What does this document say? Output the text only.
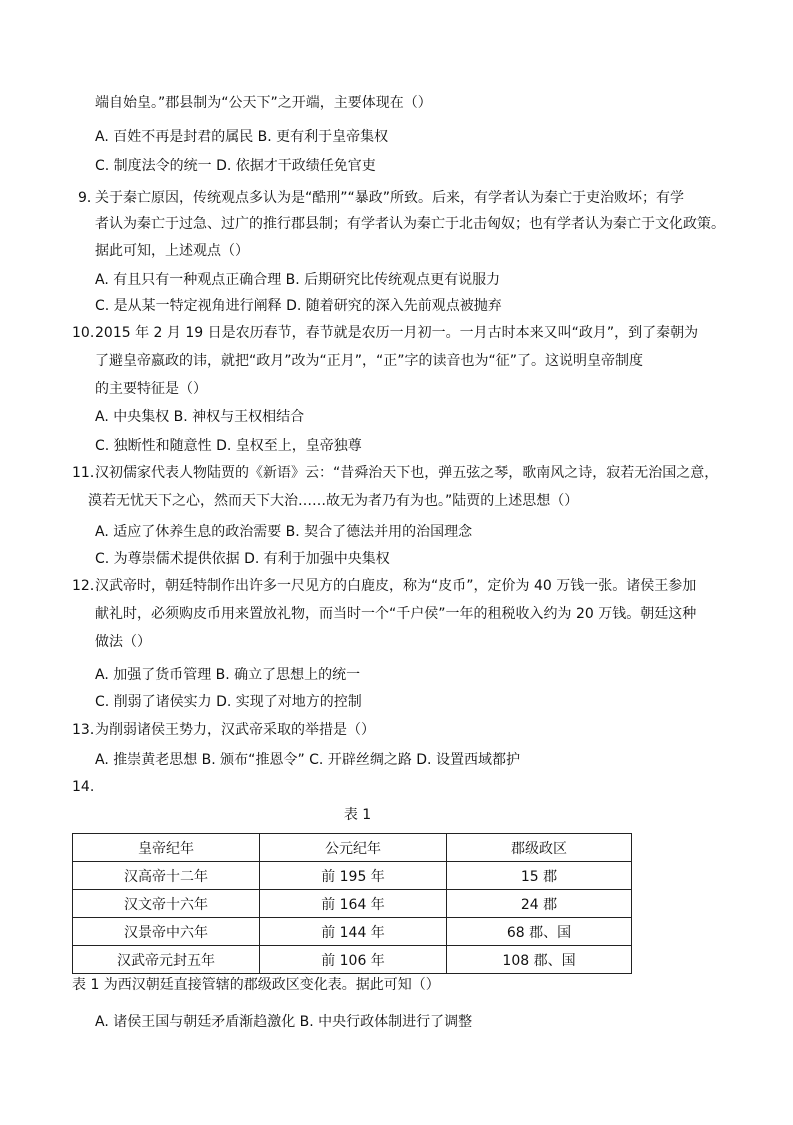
端自始皇。”郡县制为“公天下”之开端，主要体现在（）
A. 百姓不再是封君的属民 B. 更有利于皇帝集权
C. 制度法令的统一 D. 依据才干政绩任免官吏
9．
关于秦亡原因，传统观点多认为是“酷刑”“暴政”所致。后来，有学者认为秦亡于吏治败坏；有学
者认为秦亡于过急、过广的推行郡县制；有学者认为秦亡于北击匈奴；也有学者认为秦亡于文化政策。
据此可知，上述观点（）
A. 有且只有一种观点正确合理 B. 后期研究比传统观点更有说服力
C. 是从某一特定视角进行阐释 D. 随着研究的深入先前观点被抛弃
10. 2015 年 2 月 19 日是农历春节，春节就是农历一月初一。一月古时本来又叫“政月”，到了秦朝为
了避皇帝嬴政的讳，就把“政月”改为“正月”，“正”字的读音也为“征”了。这说明皇帝制度
的主要特征是（）
A. 中央集权 B. 神权与王权相结合
C. 独断性和随意性 D. 皇权至上，皇帝独尊
11．
汉初儒家代表人物陆贾的《新语》云：“昔舜治天下也，弹五弦之琴，歌南风之诗，寂若无治国之意，
漠若无忧天下之心，然而天下大治……故无为者乃有为也。”陆贾的上述思想（）
A. 适应了休养生息的政治需要 B. 契合了德法并用的治国理念
C. 为尊崇儒术提供依据 D. 有利于加强中央集权
12．
汉武帝时，朝廷特制作出许多一尺见方的白鹿皮，称为“皮币”，定价为 40 万钱一张。诸侯王参加
献礼时，必须购皮币用来置放礼物，而当时一个“千户侯”一年的租税收入约为 20 万钱。朝廷这种
做法（）
A. 加强了货币管理 B. 确立了思想上的统一
C. 削弱了诸侯实力 D. 实现了对地方的控制
13．
为削弱诸侯王势力，汉武帝采取的举措是（）
A. 推崇黄老思想 B. 颁布“推恩令” C. 开辟丝绸之路 D. 设置西域都护
14.
表 1
皇帝纪年	公元纪年	郡级政区
汉高帝十二年	前 195 年	15 郡
汉文帝十六年	前 164 年	24 郡
汉景帝中六年	前 144 年	68 郡、国
汉武帝元封五年	前 106 年	108 郡、国
表 1 为西汉朝廷直接管辖的郡级政区变化表。据此可知（）
A. 诸侯王国与朝廷矛盾渐趋激化 B. 中央行政体制进行了调整
